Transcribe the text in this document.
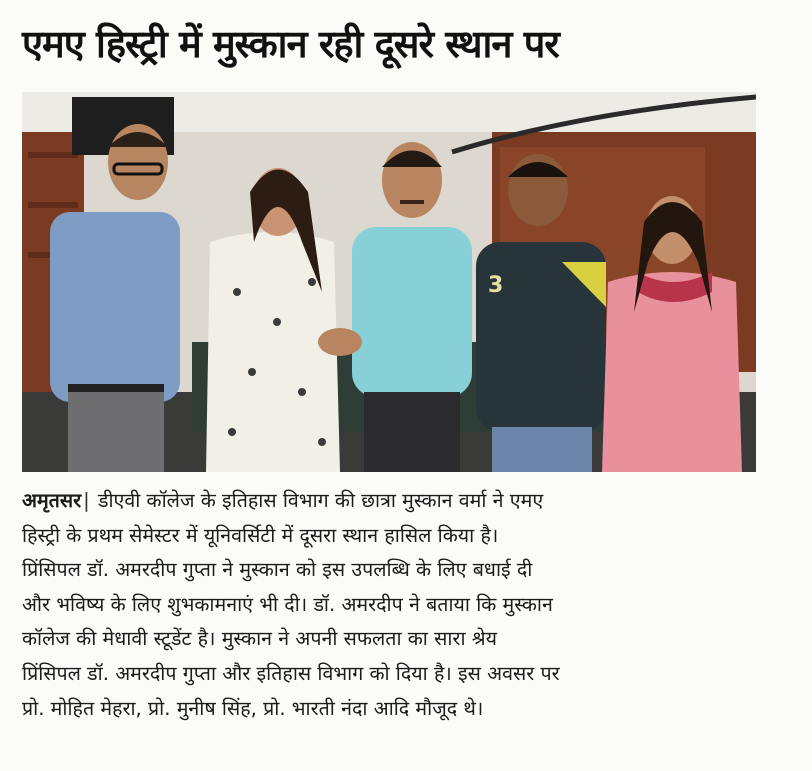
एमए हिस्ट्री में मुस्कान रही दूसरे स्थान पर
3
अमृतसर | डीएवी कॉलेज के इतिहास विभाग की छात्रा मुस्कान वर्मा ने एमए
हिस्ट्री के प्रथम सेमेस्टर में यूनिवर्सिटी में दूसरा स्थान हासिल किया है।
प्रिंसिपल डॉ. अमरदीप गुप्ता ने मुस्कान को इस उपलब्धि के लिए बधाई दी
और भविष्य के लिए शुभकामनाएं भी दी। डॉ. अमरदीप ने बताया कि मुस्कान
कॉलेज की मेधावी स्टूडेंट है। मुस्कान ने अपनी सफलता का सारा श्रेय
प्रिंसिपल डॉ. अमरदीप गुप्ता और इतिहास विभाग को दिया है। इस अवसर पर
प्रो. मोहित मेहरा, प्रो. मुनीष सिंह, प्रो. भारती नंदा आदि मौजूद थे।
